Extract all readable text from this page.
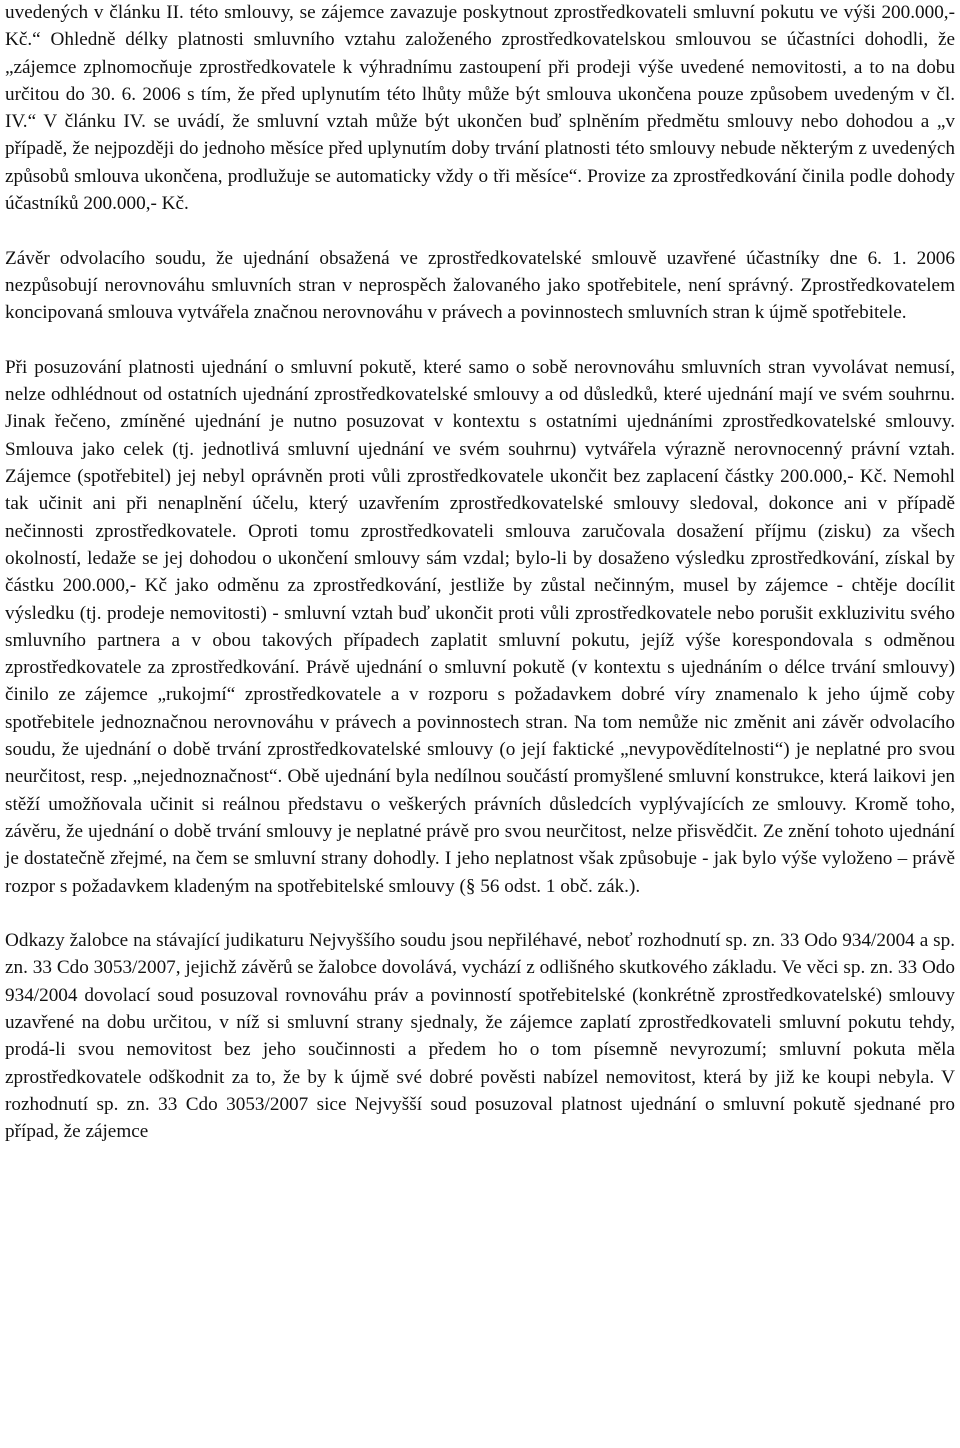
uvedených v článku II. této smlouvy, se zájemce zavazuje poskytnout zprostředkovateli smluvní pokutu ve výši 200.000,- Kč.“ Ohledně délky platnosti smluvního vztahu založeného zprostředkovatelskou smlouvou se účastníci dohodli, že „zájemce zplnomocňuje zprostředkovatele k výhradnímu zastoupení při prodeji výše uvedené nemovitosti, a to na dobu určitou do 30. 6. 2006 s tím, že před uplynutím této lhůty může být smlouva ukončena pouze způsobem uvedeným v čl. IV.“ V článku IV. se uvádí, že smluvní vztah může být ukončen buď splněním předmětu smlouvy nebo dohodou a „v případě, že nejpozději do jednoho měsíce před uplynutím doby trvání platnosti této smlouvy nebude některým z uvedených způsobů smlouva ukončena, prodlužuje se automaticky vždy o tři měsíce“. Provize za zprostředkování činila podle dohody účastníků 200.000,- Kč.

Závěr odvolacího soudu, že ujednání obsažená ve zprostředkovatelské smlouvě uzavřené účastníky dne 6. 1. 2006 nezpůsobují nerovnováhu smluvních stran v neprospěch žalovaného jako spotřebitele, není správný. Zprostředkovatelem koncipovaná smlouva vytvářela značnou nerovnováhu v právech a povinnostech smluvních stran k újmě spotřebitele.

Při posuzování platnosti ujednání o smluvní pokutě, které samo o sobě nerovnováhu smluvních stran vyvolávat nemusí, nelze odhlédnout od ostatních ujednání zprostředkovatelské smlouvy a od důsledků, které ujednání mají ve svém souhrnu. Jinak řečeno, zmíněné ujednání je nutno posuzovat v kontextu s ostatními ujednáními zprostředkovatelské smlouvy. Smlouva jako celek (tj. jednotlivá smluvní ujednání ve svém souhrnu) vytvářela výrazně nerovnocenný právní vztah. Zájemce (spotřebitel) jej nebyl oprávněn proti vůli zprostředkovatele ukončit bez zaplacení částky 200.000,- Kč. Nemohl tak učinit ani při nenaplnění účelu, který uzavřením zprostředkovatelské smlouvy sledoval, dokonce ani v případě nečinnosti zprostředkovatele. Oproti tomu zprostředkovateli smlouva zaručovala dosažení příjmu (zisku) za všech okolností, ledaže se jej dohodou o ukončení smlouvy sám vzdal; bylo-li by dosaženo výsledku zprostředkování, získal by částku 200.000,- Kč jako odměnu za zprostředkování, jestliže by zůstal nečinným, musel by zájemce - chtěje docílit výsledku (tj. prodeje nemovitosti) - smluvní vztah buď ukončit proti vůli zprostředkovatele nebo porušit exkluzivitu svého smluvního partnera a v obou takových případech zaplatit smluvní pokutu, jejíž výše korespondovala s odměnou zprostředkovatele za zprostředkování. Právě ujednání o smluvní pokutě (v kontextu s ujednáním o délce trvání smlouvy) činilo ze zájemce „rukojmí“ zprostředkovatele a v rozporu s požadavkem dobré víry znamenalo k jeho újmě coby spotřebitele jednoznačnou nerovnováhu v právech a povinnostech stran. Na tom nemůže nic změnit ani závěr odvolacího soudu, že ujednání o době trvání zprostředkovatelské smlouvy (o její faktické „nevypovědítelnosti“) je neplatné pro svou neurčitost, resp. „nejednoznačnost“. Obě ujednání byla nedílnou součástí promyšlené smluvní konstrukce, která laikovi jen stěží umožňovala učinit si reálnou představu o veškerých právních důsledcích vyplývajících ze smlouvy. Kromě toho, závěru, že ujednání o době trvání smlouvy je neplatné právě pro svou neurčitost, nelze přisvědčit. Ze znění tohoto ujednání je dostatečně zřejmé, na čem se smluvní strany dohodly. I jeho neplatnost však způsobuje - jak bylo výše vyloženo – právě rozpor s požadavkem kladeným na spotřebitelské smlouvy (§ 56 odst. 1 obč. zák.).

Odkazy žalobce na stávající judikaturu Nejvyššího soudu jsou nepřiléhavé, neboť rozhodnutí sp. zn. 33 Odo 934/2004 a sp. zn. 33 Cdo 3053/2007, jejichž závěrů se žalobce dovolává, vychází z odlišného skutkového základu. Ve věci sp. zn. 33 Odo 934/2004 dovolací soud posuzoval rovnováhu práv a povinností spotřebitelské (konkrétně zprostředkovatelské) smlouvy uzavřené na dobu určitou, v níž si smluvní strany sjednaly, že zájemce zaplatí zprostředkovateli smluvní pokutu tehdy, prodá-li svou nemovitost bez jeho součinnosti a předem ho o tom písemně nevyrozumí; smluvní pokuta měla zprostředkovatele odškodnit za to, že by k újmě své dobré pověsti nabízel nemovitost, která by již ke koupi nebyla. V rozhodnutí sp. zn. 33 Cdo 3053/2007 sice Nejvyšší soud posuzoval platnost ujednání o smluvní pokutě sjednané pro případ, že zájemce
